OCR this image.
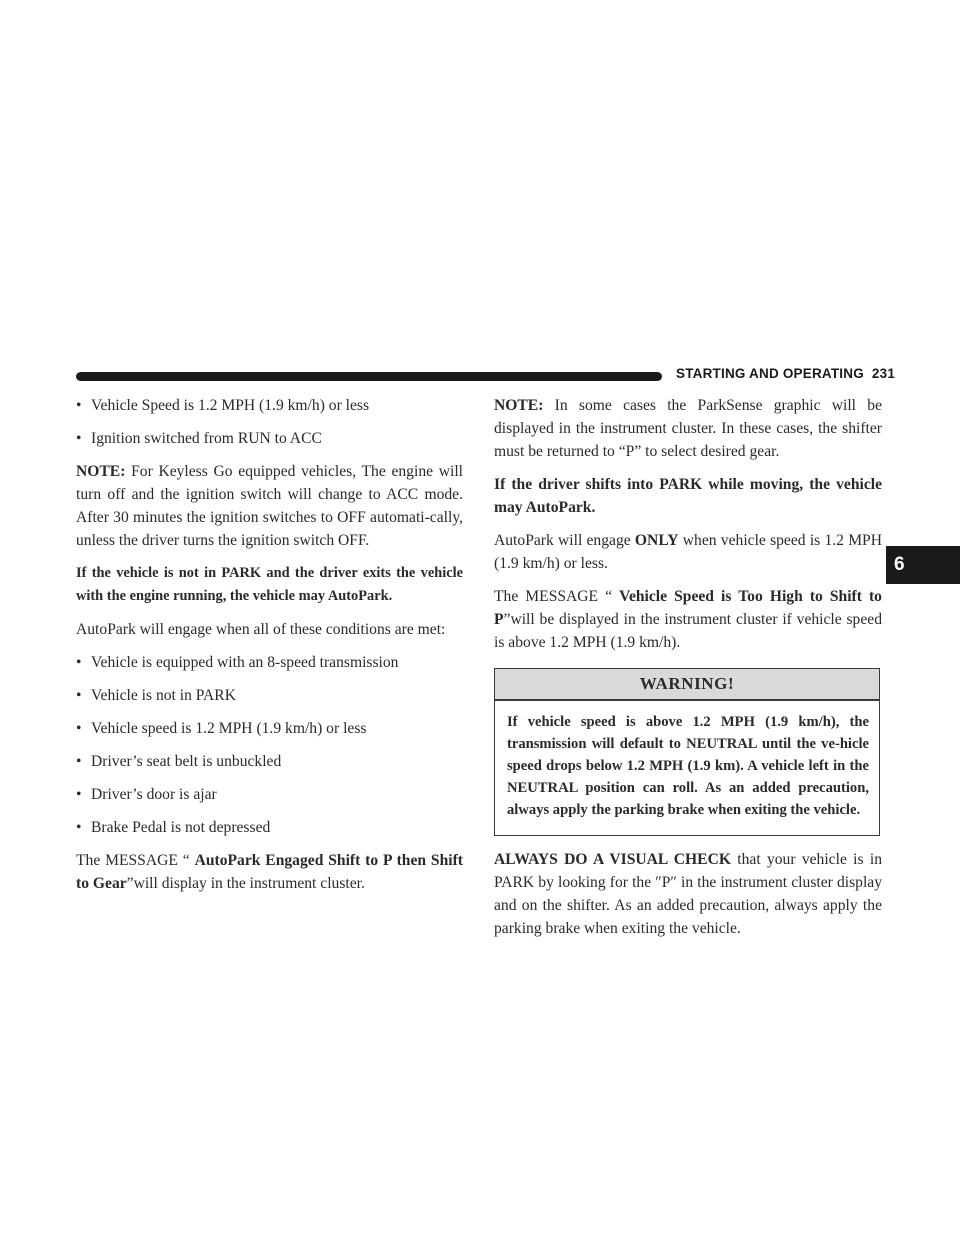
STARTING AND OPERATING 231
6
• Vehicle Speed is 1.2 MPH (1.9 km/h) or less
• Ignition switched from RUN to ACC

NOTE: For Keyless Go equipped vehicles, The engine will turn off and the ignition switch will change to ACC mode. After 30 minutes the ignition switches to OFF automati-cally, unless the driver turns the ignition switch OFF.

If the vehicle is not in PARK and the driver exits the vehicle with the engine running, the vehicle may AutoPark.

AutoPark will engage when all of these conditions are met:

• Vehicle is equipped with an 8-speed transmission
• Vehicle is not in PARK
• Vehicle speed is 1.2 MPH (1.9 km/h) or less
• Driver’s seat belt is unbuckled
• Driver’s door is ajar
• Brake Pedal is not depressed

The MESSAGE “ AutoPark Engaged Shift to P then Shift to Gear”will display in the instrument cluster.

NOTE: In some cases the ParkSense graphic will be displayed in the instrument cluster. In these cases, the shifter must be returned to “P” to select desired gear.

If the driver shifts into PARK while moving, the vehicle may AutoPark.

AutoPark will engage ONLY when vehicle speed is 1.2 MPH (1.9 km/h) or less.

The MESSAGE “ Vehicle Speed is Too High to Shift to P”will be displayed in the instrument cluster if vehicle speed is above 1.2 MPH (1.9 km/h).

WARNING!
If vehicle speed is above 1.2 MPH (1.9 km/h), the transmission will default to NEUTRAL until the ve-hicle speed drops below 1.2 MPH (1.9 km). A vehicle left in the NEUTRAL position can roll. As an added precaution, always apply the parking brake when exiting the vehicle.

ALWAYS DO A VISUAL CHECK that your vehicle is in PARK by looking for the ″P″ in the instrument cluster display and on the shifter. As an added precaution, always apply the parking brake when exiting the vehicle.
